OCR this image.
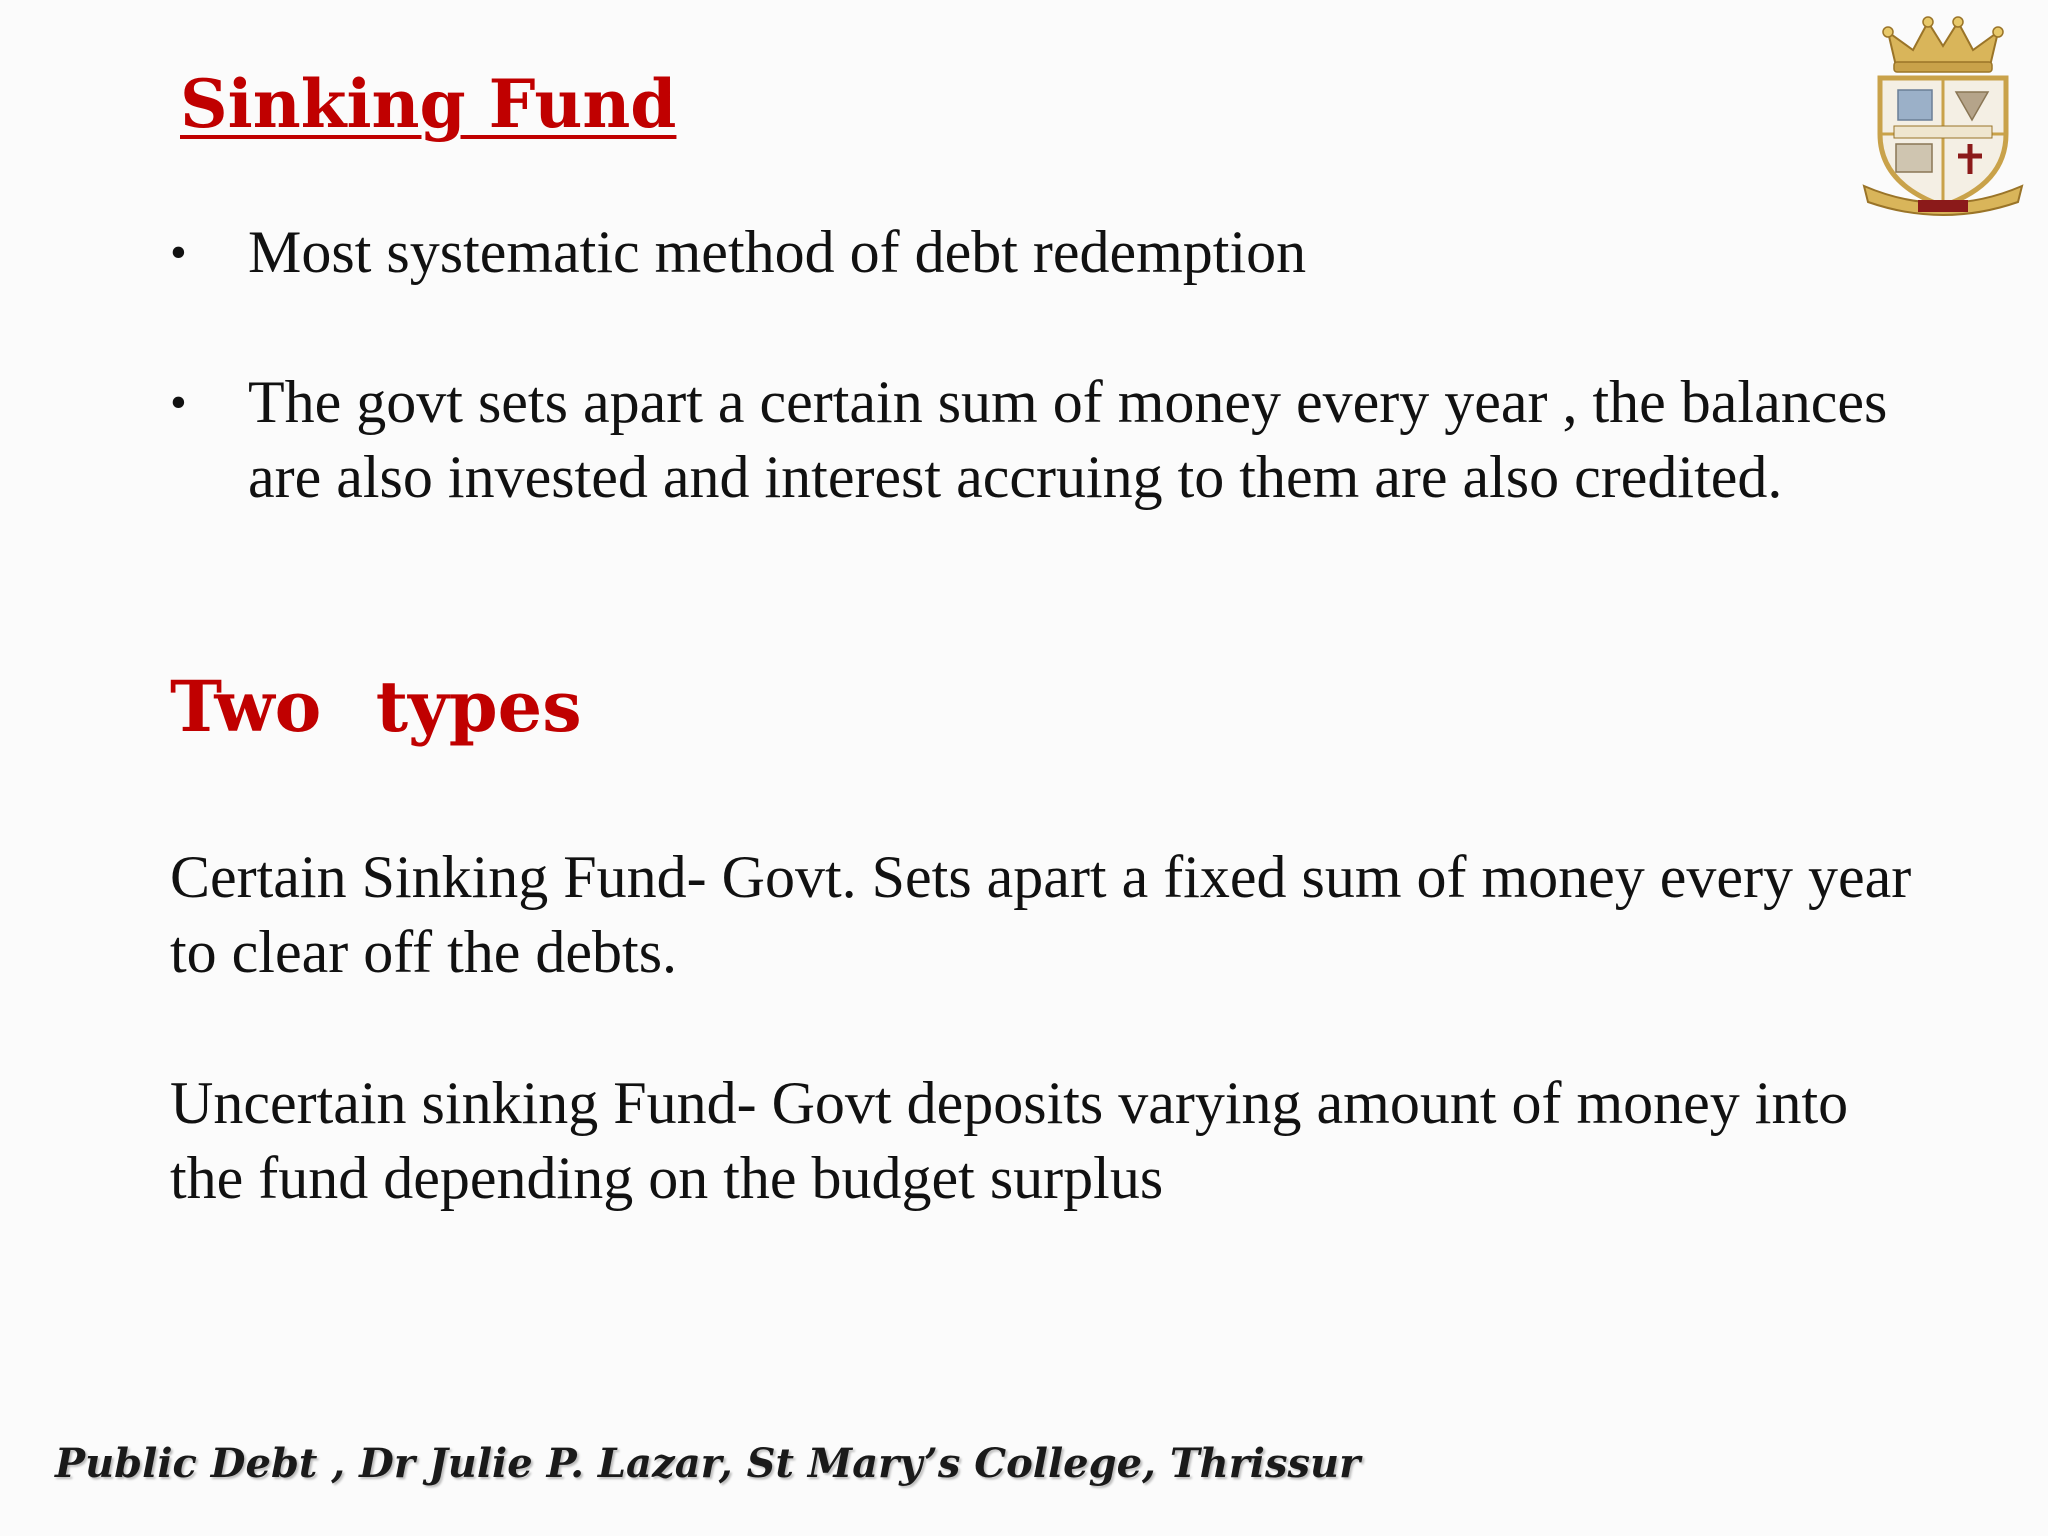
Sinking Fund
•	Most systematic method of debt redemption
•	The govt sets apart a certain sum of money every year , the balances are also invested and interest accruing to them are also credited.
Two types
Certain Sinking Fund- Govt. Sets apart a fixed sum of money every year to clear off the debts.
Uncertain sinking Fund- Govt deposits varying amount of money into the fund depending on the budget surplus
Public Debt , Dr Julie P. Lazar, St Mary’s College, Thrissur
